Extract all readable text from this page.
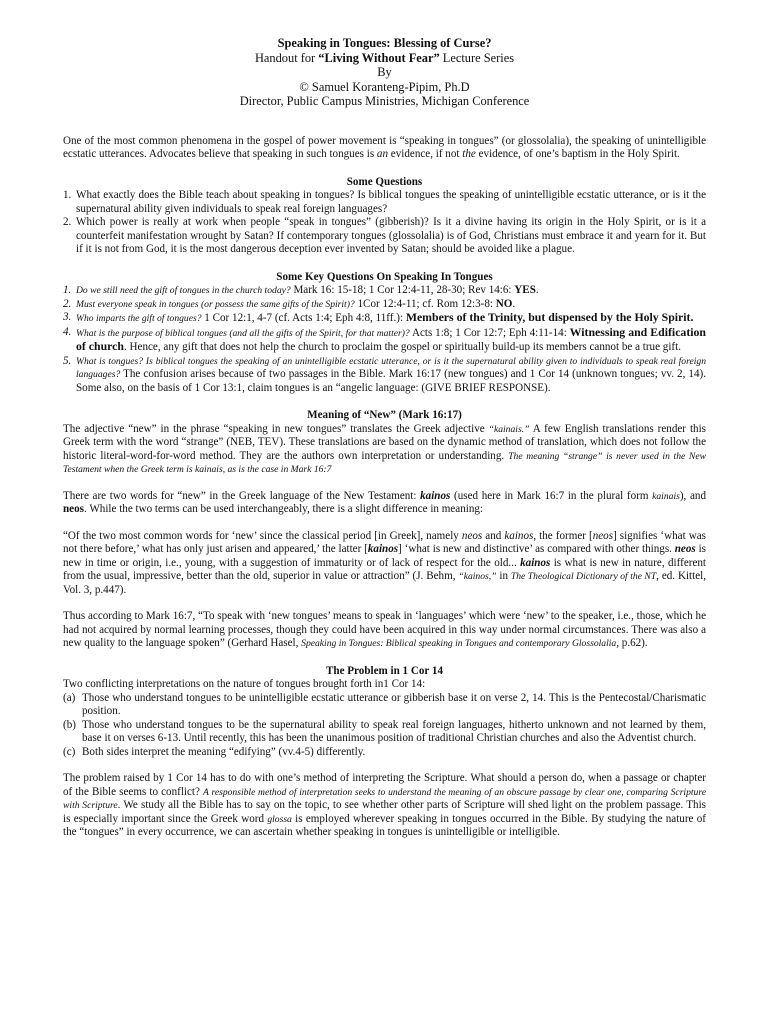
Speaking in Tongues: Blessing of Curse?
Handout for “Living Without Fear” Lecture Series
By
© Samuel Koranteng-Pipim, Ph.D
Director, Public Campus Ministries, Michigan Conference

One of the most common phenomena in the gospel of power movement is “speaking in tongues” (or glossolalia), the speaking of unintelligible ecstatic utterances. Advocates believe that speaking in such tongues is an evidence, if not the evidence, of one’s baptism in the Holy Spirit.

Some Questions
1. What exactly does the Bible teach about speaking in tongues? Is biblical tongues the speaking of unintelligible ecstatic utterance, or is it the supernatural ability given individuals to speak real foreign languages?
2. Which power is really at work when people “speak in tongues” (gibberish)? Is it a divine having its origin in the Holy Spirit, or is it a counterfeit manifestation wrought by Satan? If contemporary tongues (glossolalia) is of God, Christians must embrace it and yearn for it. But if it is not from God, it is the most dangerous deception ever invented by Satan; should be avoided like a plague.
Some Key Questions On Speaking In Tongues
1. Do we still need the gift of tongues in the church today? Mark 16: 15-18; 1 Cor 12:4-11, 28-30; Rev 14:6: YES.
2. Must everyone speak in tongues (or possess the same gifts of the Spirit)? 1Cor 12:4-11; cf. Rom 12:3-8: NO.
3. Who imparts the gift of tongues? 1 Cor 12:1, 4-7 (cf. Acts 1:4; Eph 4:8, 11ff.): Members of the Trinity, but dispensed by the Holy Spirit.
4. What is the purpose of biblical tongues (and all the gifts of the Spirit, for that matter)? Acts 1:8; 1 Cor 12:7; Eph 4:11-14: Witnessing and Edification of church. Hence, any gift that does not help the church to proclaim the gospel or spiritually build-up its members cannot be a true gift.
5. What is tongues? Is biblical tongues the speaking of an unintelligible ecstatic utterance, or is it the supernatural ability given to individuals to speak real foreign languages? The confusion arises because of two passages in the Bible. Mark 16:17 (new tongues) and 1 Cor 14 (unknown tongues; vv. 2, 14). Some also, on the basis of 1 Cor 13:1, claim tongues is an “angelic language: (GIVE BRIEF RESPONSE).
Meaning of “New” (Mark 16:17)

The adjective “new” in the phrase “speaking in new tongues” translates the Greek adjective “kainais.” A few English translations render this Greek term with the word “strange” (NEB, TEV). These translations are based on the dynamic method of translation, which does not follow the historic literal-word-for-word method. They are the authors own interpretation or understanding. The meaning “strange” is never used in the New Testament when the Greek term is kainais, as is the case in Mark 16:7

There are two words for “new” in the Greek language of the New Testament: kainos (used here in Mark 16:7 in the plural form kainais), and neos. While the two terms can be used interchangeably, there is a slight difference in meaning:

“Of the two most common words for ‘new’ since the classical period [in Greek], namely neos and kainos, the former [neos] signifies ‘what was not there before,’ what has only just arisen and appeared,’ the latter [kainos] ‘what is new and distinctive’ as compared with other things. neos is new in time or origin, i.e., young, with a suggestion of immaturity or of lack of respect for the old... kainos is what is new in nature, different from the usual, impressive, better than the old, superior in value or attraction” (J. Behm, “kainos,” in The Theological Dictionary of the NT, ed. Kittel, Vol. 3, p.447).

Thus according to Mark 16:7, “To speak with ‘new tongues’ means to speak in ‘languages’ which were ‘new’ to the speaker, i.e., those, which he had not acquired by normal learning processes, though they could have been acquired in this way under normal circumstances. There was also a new quality to the language spoken” (Gerhard Hasel, Speaking in Tongues: Biblical speaking in Tongues and contemporary Glossolalia, p.62).

The Problem in 1 Cor 14

Two conflicting interpretations on the nature of tongues brought forth in1 Cor 14:

(a) Those who understand tongues to be unintelligible ecstatic utterance or gibberish base it on verse 2, 14. This is the Pentecostal/Charismatic position.
(b) Those who understand tongues to be the supernatural ability to speak real foreign languages, hitherto unknown and not learned by them, base it on verses 6-13. Until recently, this has been the unanimous position of traditional Christian churches and also the Adventist church.
(c) Both sides interpret the meaning “edifying” (vv.4-5) differently.

The problem raised by 1 Cor 14 has to do with one’s method of interpreting the Scripture. What should a person do, when a passage or chapter of the Bible seems to conflict? A responsible method of interpretation seeks to understand the meaning of an obscure passage by clear one, comparing Scripture with Scripture. We study all the Bible has to say on the topic, to see whether other parts of Scripture will shed light on the problem passage. This is especially important since the Greek word glossa is employed wherever speaking in tongues occurred in the Bible. By studying the nature of the “tongues” in every occurrence, we can ascertain whether speaking in tongues is unintelligible or intelligible.
